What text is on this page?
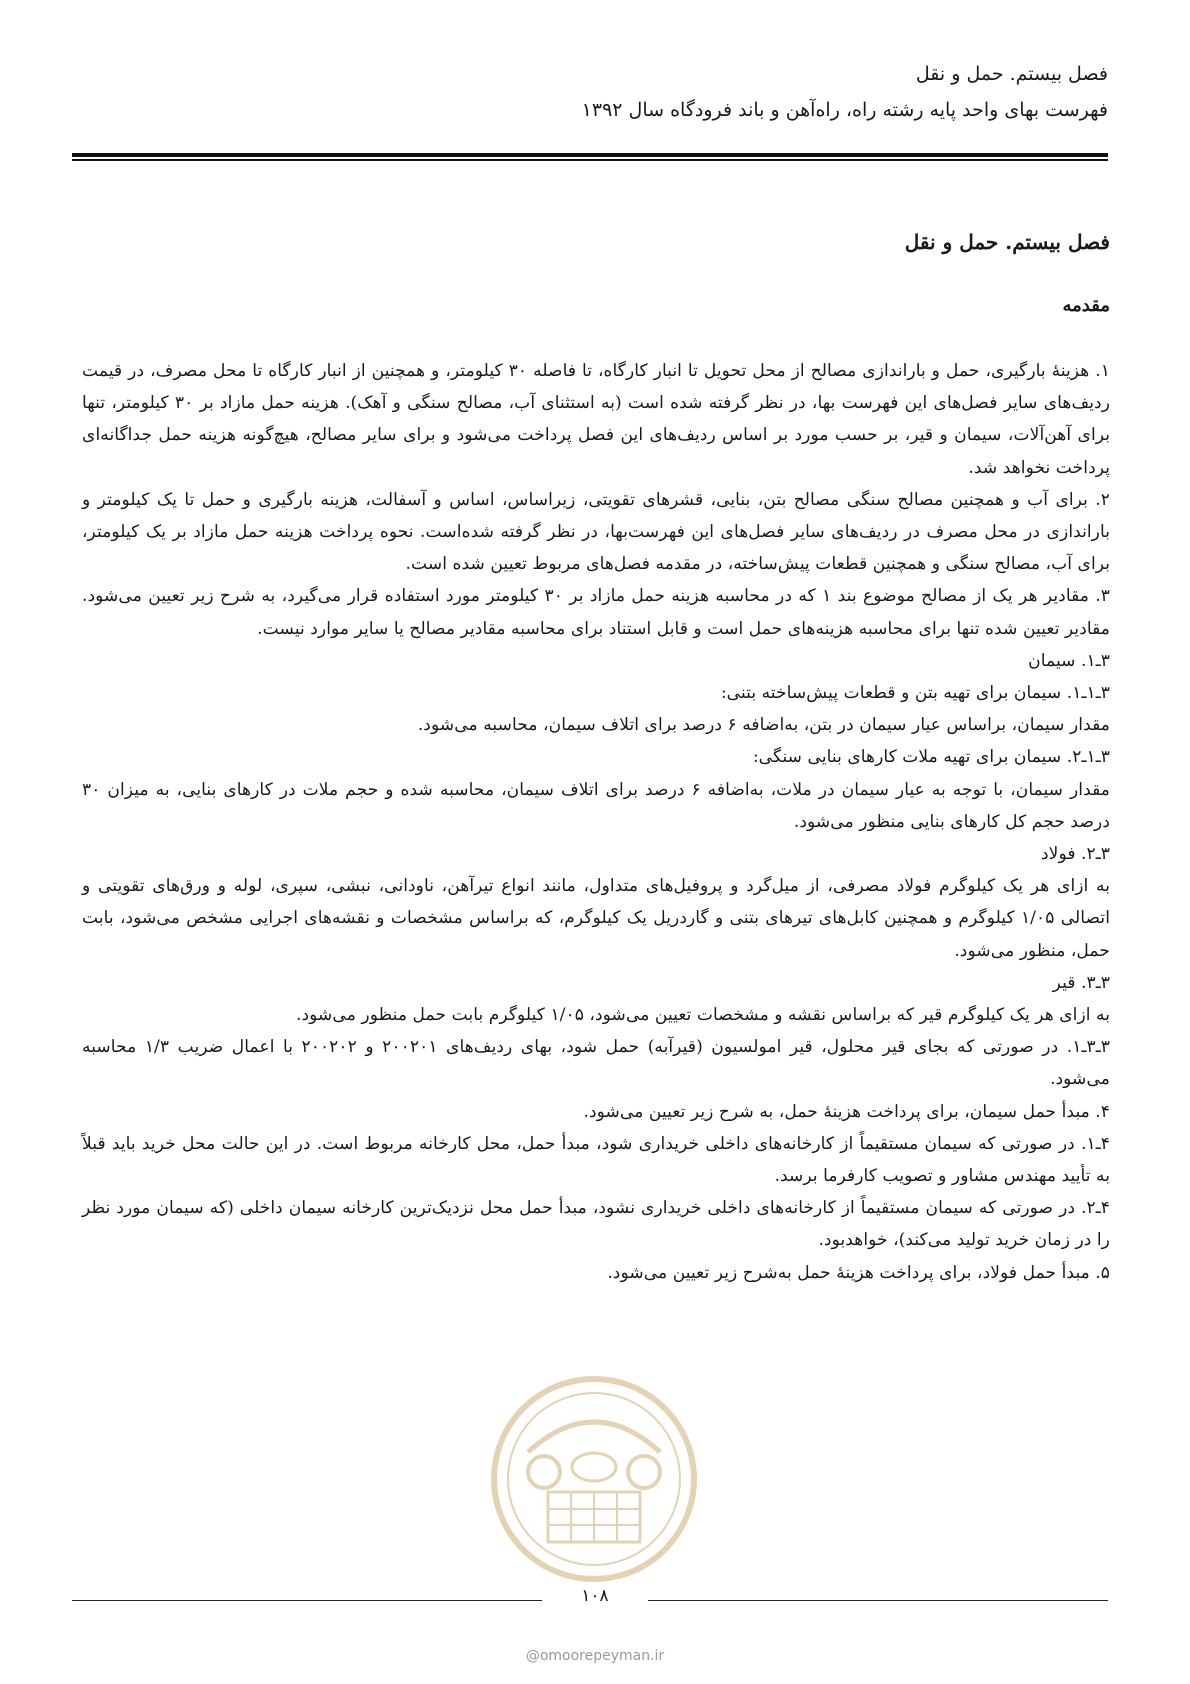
فصل بیستم. حمل و نقل
فهرست بهای واحد پایه رشته راه، راه‌آهن و باند فرودگاه سال ۱۳۹۲
فصل بیستم. حمل و نقل
مقدمه

۱. هزینهٔ بارگیری، حمل و باراندازی مصالح از محل تحویل تا انبار کارگاه، تا فاصله ۳۰ کیلومتر، و همچنین از انبار کارگاه تا محل مصرف، در قیمت ردیف‌های سایر فصل‌های این فهرست بها، در نظر گرفته شده است (به استثنای آب، مصالح سنگی و آهک). هزینه حمل مازاد بر ۳۰ کیلومتر، تنها برای آهن‌آلات، سیمان و قیر، بر حسب مورد بر اساس ردیف‌های این فصل پرداخت می‌شود و برای سایر مصالح، هیچ‌گونه هزینه حمل جداگانه‌ای پرداخت نخواهد شد.

۲. برای آب و همچنین مصالح سنگی مصالح بتن، بنایی، قشرهای تقویتی، زیراساس، اساس و آسفالت، هزینه بارگیری و حمل تا یک کیلومتر و باراندازی در محل مصرف در ردیف‌های سایر فصل‌های این فهرست‌بها، در نظر گرفته شده‌است. نحوه پرداخت هزینه حمل مازاد بر یک کیلومتر، برای آب، مصالح سنگی و همچنین قطعات پیش‌ساخته، در مقدمه فصل‌های مربوط تعیین شده است.

۳. مقادیر هر یک از مصالح موضوع بند ۱ که در محاسبه هزینه حمل مازاد بر ۳۰ کیلومتر مورد استفاده قرار می‌گیرد، به شرح زیر تعیین می‌شود. مقادیر تعیین شده تنها برای محاسبه هزینه‌های حمل است و قابل استناد برای محاسبه مقادیر مصالح یا سایر موارد نیست.

۳ـ۱. سیمان

۳ـ۱ـ۱. سیمان برای تهیه بتن و قطعات پیش‌ساخته بتنی:

مقدار سیمان، براساس عیار سیمان در بتن، به‌اضافه ۶ درصد برای اتلاف سیمان، محاسبه می‌شود.

۳ـ۱ـ۲. سیمان برای تهیه ملات کارهای بنایی سنگی:

مقدار سیمان، با توجه به عیار سیمان در ملات، به‌اضافه ۶ درصد برای اتلاف سیمان، محاسبه شده و حجم ملات در کارهای بنایی، به میزان ۳۰ درصد حجم کل کارهای بنایی منظور می‌شود.

۳ـ۲. فولاد

به ازای هر یک کیلوگرم فولاد مصرفی، از میل‌گرد و پروفیل‌های متداول، مانند انواع تیرآهن، ناودانی، نبشی، سپری، لوله و ورق‌های تقویتی و اتصالی ۱/۰۵ کیلوگرم و همچنین کابل‌های تیرهای بتنی و گاردریل یک کیلوگرم، که براساس مشخصات و نقشه‌های اجرایی مشخص می‌شود، بابت حمل، منظور می‌شود.

۳ـ۳. قیر

به ازای هر یک کیلوگرم قیر که براساس نقشه و مشخصات تعیین می‌شود، ۱/۰۵ کیلوگرم بابت حمل منظور می‌شود.

۳ـ۳ـ۱. در صورتی که بجای قیر محلول، قیر امولسیون (قیرآبه) حمل شود، بهای ردیف‌های ۲۰۰۲۰۱ و ۲۰۰۲۰۲ با اعمال ضریب ۱/۳ محاسبه می‌شود.

۴. مبدأ حمل سیمان، برای پرداخت هزینهٔ حمل، به شرح زیر تعیین می‌شود.

۴ـ۱. در صورتی که سیمان مستقیماً از کارخانه‌های داخلی خریداری شود، مبدأ حمل، محل کارخانه مربوط است. در این حالت محل خرید باید قبلاً به تأیید مهندس مشاور و تصویب کارفرما برسد.

۴ـ۲. در صورتی که سیمان مستقیماً از کارخانه‌های داخلی خریداری نشود، مبدأ حمل محل نزدیک‌ترین کارخانه سیمان داخلی (که سیمان مورد نظر را در زمان خرید تولید می‌کند)، خواهدبود.

۵. مبدأ حمل فولاد، برای پرداخت هزینهٔ حمل به‌شرح زیر تعیین می‌شود.

۱۰۸
@omoorepeyman.ir
